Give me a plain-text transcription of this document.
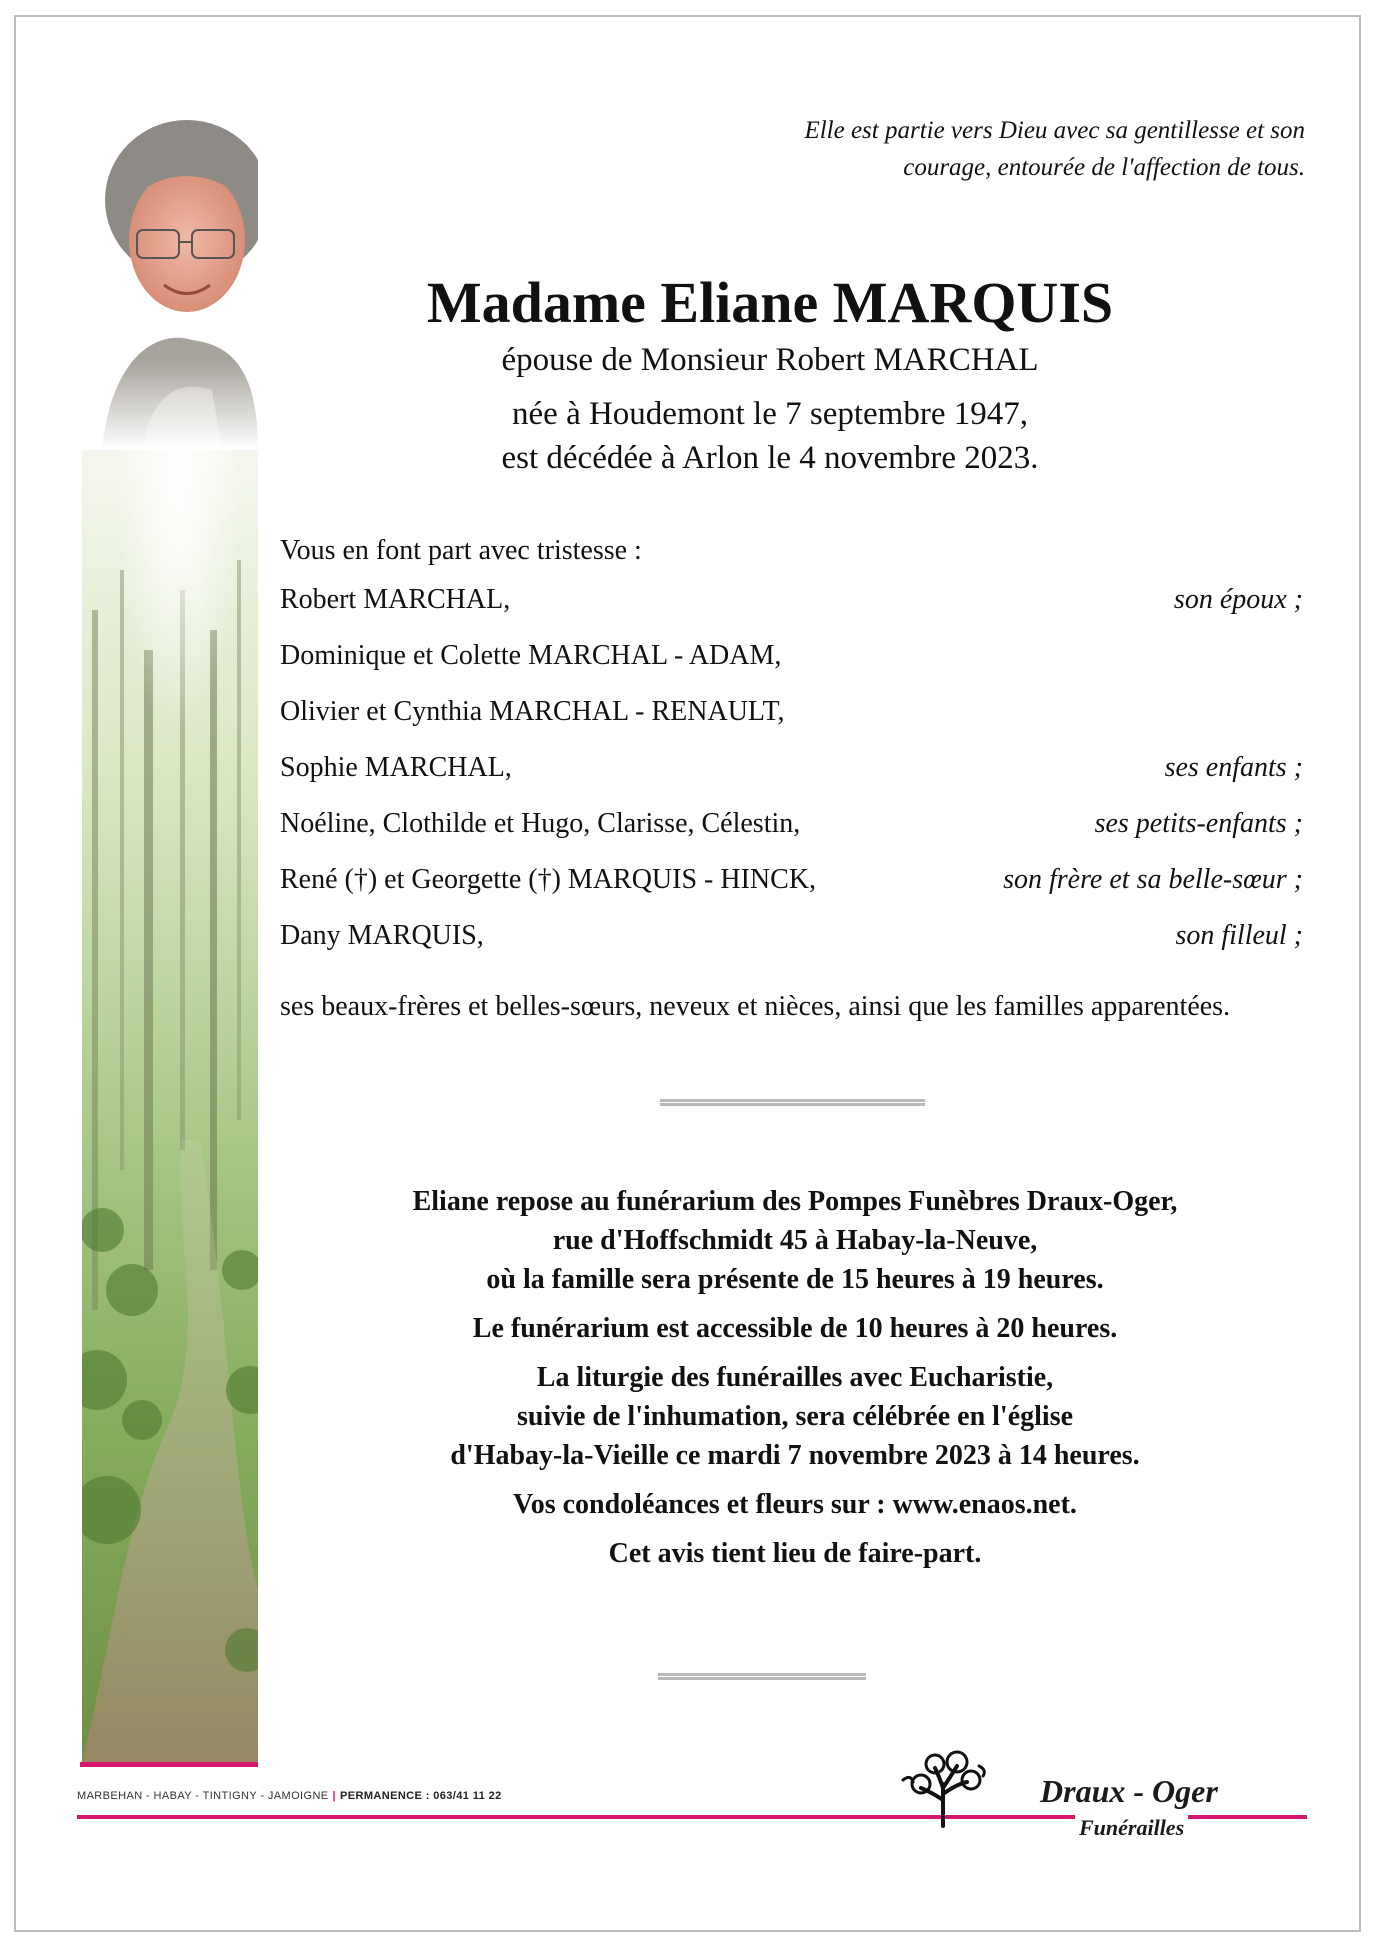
Elle est partie vers Dieu avec sa gentillesse et son
courage, entourée de l'affection de tous.
Madame Eliane MARQUIS
épouse de Monsieur Robert MARCHAL
née à Houdemont le 7 septembre 1947,
est décédée à Arlon le 4 novembre 2023.
Vous en font part avec tristesse :
Robert MARCHAL,	son époux ;
Dominique et Colette MARCHAL - ADAM,
Olivier et Cynthia MARCHAL - RENAULT,
Sophie MARCHAL,	ses enfants ;
Noéline, Clothilde et Hugo, Clarisse, Célestin,	ses petits-enfants ;
René (†) et Georgette (†) MARQUIS - HINCK,	son frère et sa belle-sœur ;
Dany MARQUIS,	son filleul ;
ses beaux-frères et belles-sœurs, neveux et nièces, ainsi que les familles apparentées.

Eliane repose au funérarium des Pompes Funèbres Draux-Oger,
rue d'Hoffschmidt 45 à Habay-la-Neuve,
où la famille sera présente de 15 heures à 19 heures.

Le funérarium est accessible de 10 heures à 20 heures.

La liturgie des funérailles avec Eucharistie,
suivie de l'inhumation, sera célébrée en l'église
d'Habay-la-Vieille ce mardi 7 novembre 2023 à 14 heures.

Vos condoléances et fleurs sur : www.enaos.net.

Cet avis tient lieu de faire-part.

MARBEHAN - HABAY - TINTIGNY - JAMOIGNE | PERMANENCE : 063/41 11 22	Draux - Oger
Funérailles
